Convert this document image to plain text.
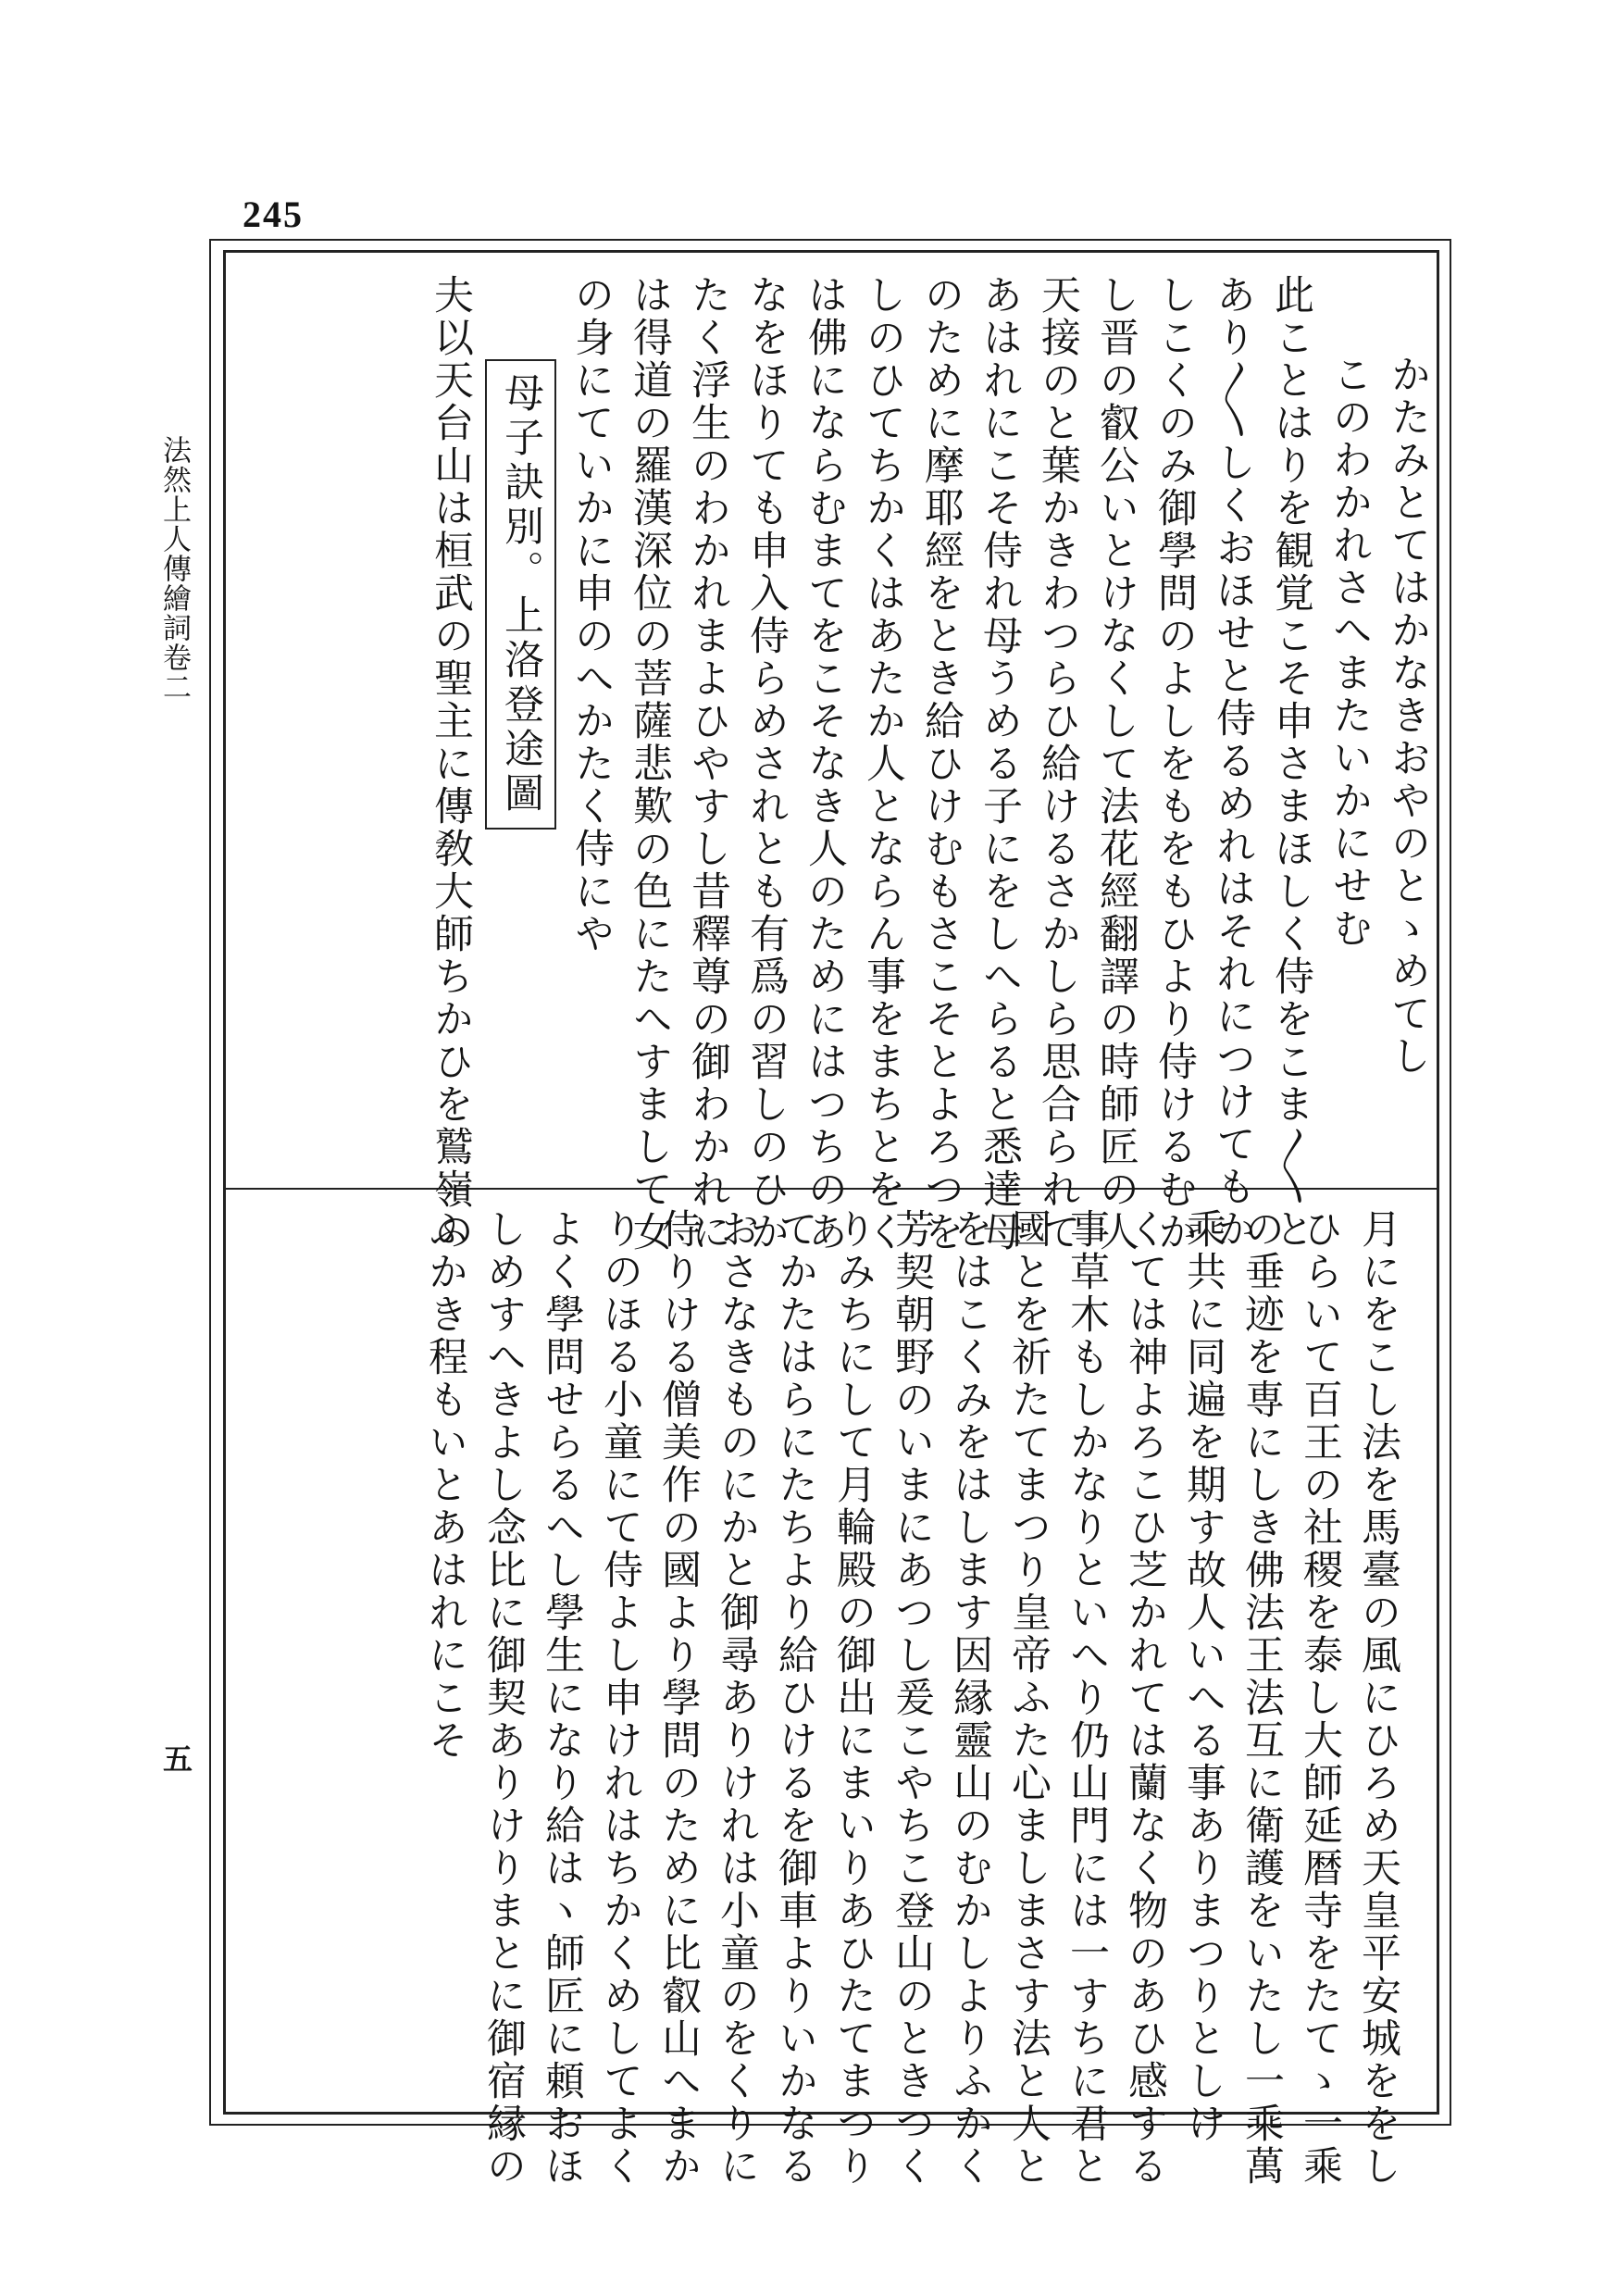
245
法然上人傳繪詞卷二
五
かたみとてはかなきおやのとゝめてし
このわかれさへまたいかにせむ
此ことはりを観覚こそ申さまほしく侍をこま〳〵と
あり〳〵しくおほせと侍るめれはそれにつけてもか
しこくのみ御學問のよしをもをもひより侍けるむか
し晋の叡公いとけなくして法花經翻譯の時師匠の人
天接のと葉かきわつらひ給けるさかしら思合られて
あはれにこそ侍れ母うめる子にをしへらると悉達母
のために摩耶經をとき給ひけむもさこそとよろつを
しのひてちかくはあたか人とならん事をまちとをく
は佛にならむまてをこそなき人のためにはつちのあ
なをほりても申入侍らめされとも有爲の習しのひか
たく浮生のわかれまよひやすし昔釋尊の御わかれに
は得道の羅漢深位の菩薩悲歎の色にたへすまして女
の身にていかに申のへかたく侍にや
母子訣別。上洛登途圖
夫以天台山は桓武の聖主に傳敎大師ちかひを鷲嶺の
月にをこし法を馬臺の風にひろめ天皇平安城ををし
ひらいて百王の社稷を泰し大師延暦寺をたてゝ一乘
の垂迹を専にしき佛法王法互に衛護をいたし一乘萬
乘共に同遍を期す故人いへる事ありまつりとしけ
くては神よろこひ芝かれては蘭なく物のあひ感する
事草木もしかなりといへり仍山門には一すちに君と
國とを祈たてまつり皇帝ふた心ましまさす法と人と
をはこくみをはします因縁靈山のむかしよりふかく
芳契朝野のいまにあつし爰こやちこ登山のときつく
りみちにして月輪殿の御出にまいりあひたてまつり
てかたはらにたちより給ひけるを御車よりいかなる
おさなきものにかと御尋ありけれは小童のをくりに
侍りける僧美作の國より學問のために比叡山へまか
りのほる小童にて侍よし申けれはちかくめしてよく
よく學問せらるへし學生になり給はヽ師匠に頼おほ
しめすへきよし念比に御契ありけりまとに御宿縁の
ふかき程もいとあはれにこそ
